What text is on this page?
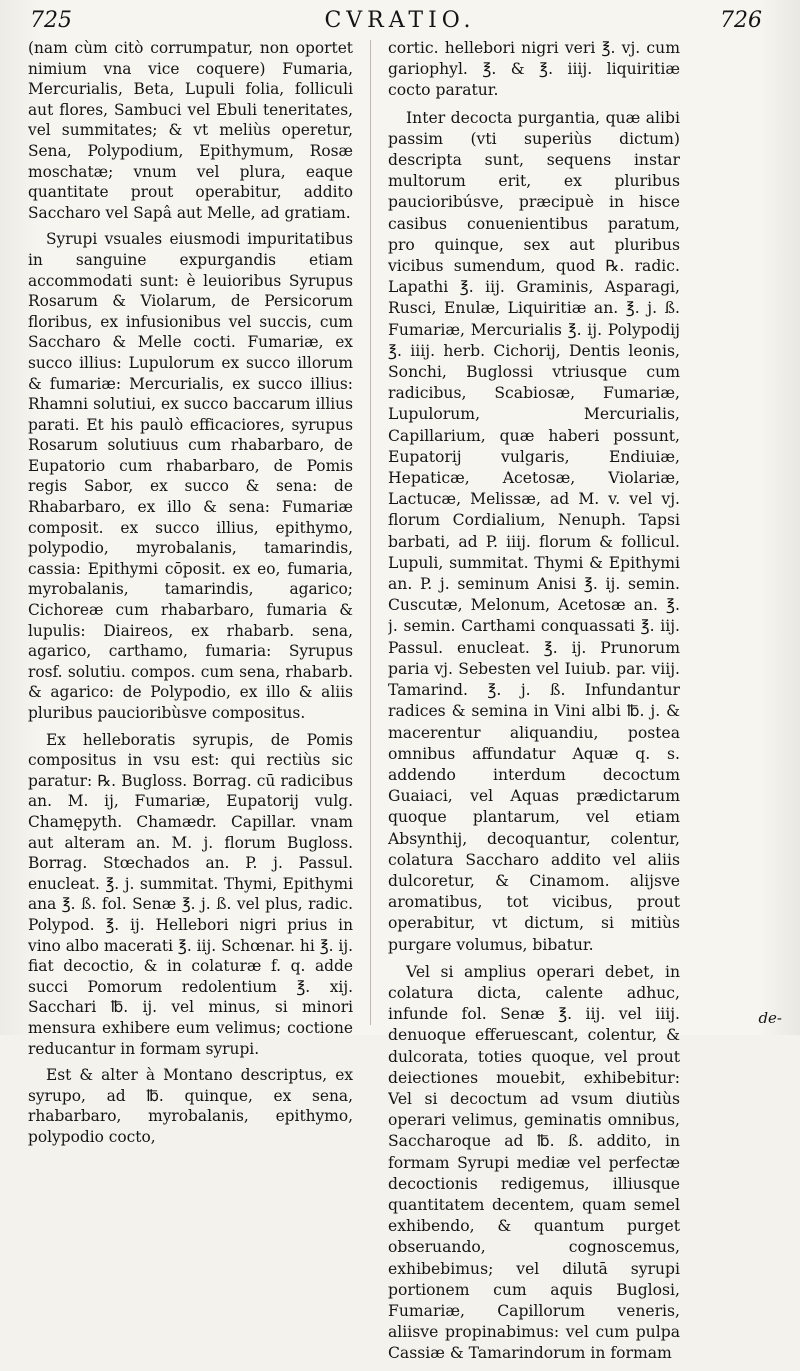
725	CVRATIO.	726

(nam cùm citò corrumpatur, non oportet nimium vna vice coquere) Fumaria, Mercurialis, Beta, Lupuli folia, folliculi aut flores, Sambuci vel Ebuli teneritates, vel summitates; & vt meliùs operetur, Sena, Polypodium, Epithymum, Rosæ moschatæ; vnum vel plura, eaque quantitate prout operabitur, addito Saccharo vel Sapâ aut Melle, ad gratiam.

Syrupi vsuales eiusmodi impuritatibus in sanguine expurgandis etiam accommodati sunt: è leuioribus Syrupus Rosarum & Violarum, de Persicorum floribus, ex infusionibus vel succis, cum Saccharo & Melle cocti. Fumariæ, ex succo illius: Lupulorum ex succo illorum & fumariæ: Mercurialis, ex succo illius: Rhamni solutiui, ex succo baccarum illius parati. Et his paulò efficaciores, syrupus Rosarum solutiuus cum rhabarbaro, de Eupatorio cum rhabarbaro, de Pomis regis Sabor, ex succo & sena: de Rhabarbaro, ex illo & sena: Fumariæ composit. ex succo illius, epithymo, polypodio, myrobalanis, tamarindis, cassia: Epithymi cōposit. ex eo, fumaria, myrobalanis, tamarindis, agarico; Cichoreæ cum rhabarbaro, fumaria & lupulis: Diaireos, ex rhabarb. sena, agarico, carthamo, fumaria: Syrupus rosf. solutiu. compos. cum sena, rhabarb. & agarico: de Polypodio, ex illo & aliis pluribus paucioribùsve compositus.

Ex helleboratis syrupis, de Pomis compositus in vsu est: qui rectiùs sic paratur: ℞. Bugloss. Borrag. cū radicibus an. M. ij, Fumariæ, Eupatorij vulg. Chamępyth. Chamædr. Capillar. vnam aut alteram an. M. j. florum Bugloss. Borrag. Stœchados an. P. j. Passul. enucleat. ℥. j. summitat. Thymi, Epithymi ana ℥. ß. fol. Senæ ℥. j. ß. vel plus, radic. Polypod. ℥. ij. Hellebori nigri prius in vino albo macerati ℥. iij. Schœnar. hi ℥. ij. fiat decoctio, & in colaturæ f. q. adde succi Pomorum redolentium ℥. xij. Sacchari ℔. ij. vel minus, si minori mensura exhibere eum velimus; coctione reducantur in formam syrupi.

Est & alter à Montano descriptus, ex syrupo, ad ℔. quinque, ex sena, rhabarbaro, myrobalanis, epithymo, polypodio cocto,

cortic. hellebori nigri veri ℥. vj. cum gariophyl. ℥. & ℥. iiij. liquiritiæ cocto paratur.

Inter decocta purgantia, quæ alibi passim (vti superiùs dictum) descripta sunt, sequens instar multorum erit, ex pluribus paucioribúsve, præcipuè in hisce casibus conuenientibus paratum, pro quinque, sex aut pluribus vicibus sumendum, quod ℞. radic. Lapathi ℥. iij. Graminis, Asparagi, Rusci, Enulæ, Liquiritiæ an. ℥. j. ß. Fumariæ, Mercurialis ℥. ij. Polypodij ℥. iiij. herb. Cichorij, Dentis leonis, Sonchi, Buglossi vtriusque cum radicibus, Scabiosæ, Fumariæ, Lupulorum, Mercurialis, Capillarium, quæ haberi possunt, Eupatorij vulgaris, Endiuiæ, Hepaticæ, Acetosæ, Violariæ, Lactucæ, Melissæ, ad M. v. vel vj. florum Cordialium, Nenuph. Tapsi barbati, ad P. iiij. florum & follicul. Lupuli, summitat. Thymi & Epithymi an. P. j. seminum Anisi ℥. ij. semin. Cuscutæ, Melonum, Acetosæ an. ℥. j. semin. Carthami conquassati ℥. iij. Passul. enucleat. ℥. ij. Prunorum paria vj. Sebesten vel Iuiub. par. viij. Tamarind. ℥. j. ß. Infundantur radices & semina in Vini albi ℔. j. & macerentur aliquandiu, postea omnibus affundatur Aquæ q. s. addendo interdum decoctum Guaiaci, vel Aquas prædictarum quoque plantarum, vel etiam Absynthij, decoquantur, colentur, colatura Saccharo addito vel aliis dulcoretur, & Cinamom. alijsve aromatibus, tot vicibus, prout operabitur, vt dictum, si mitiùs purgare volumus, bibatur.

Vel si amplius operari debet, in colatura dicta, calente adhuc, infunde fol. Senæ ℥. iij. vel iiij. denuoque efferuescant, colentur, & dulcorata, toties quoque, vel prout deiectiones mouebit, exhibebitur: Vel si decoctum ad vsum diutiùs operari velimus, geminatis omnibus, Saccharoque ad ℔. ß. addito, in formam Syrupi mediæ vel perfectæ decoctionis redigemus, illiusque quantitatem decentem, quam semel exhibendo, & quantum purget obseruando, cognoscemus, exhibebimus; vel dilutā syrupi portionem cum aquis Buglosi, Fumariæ, Capillorum veneris, aliisve propinabimus: vel cum pulpa Cassiæ & Tamarindorum in formam

de-
